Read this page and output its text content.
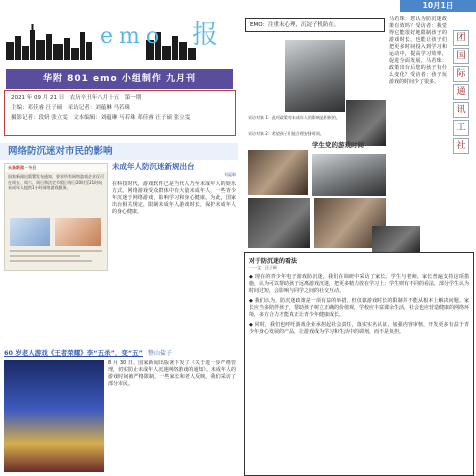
emo 报
华附 801 emo 小组制作 九月刊
2021 年 09 月 21 日　农历辛丑年八月十五　第一期
主编：邓佳睿 汪子硕　采访记者：刘蕴琳 马若珠
摄影记者：段妍 张立雯　文本编辑：刘蕴琳 马若珠 邓佳睿 汪子硕 张立雯
网络防沉迷对市民的影响
头条新闻 · 今日
国家新闻出版署发布通知，要求所有网络游戏企业仅可在周五、周六、周日和法定节假日每日20时至21时向未成年人提供1小时网络游戏服务。
未成年人防沉迷新规出台
刘蕴琳
在科技时代，游戏软件已是当代人乃至未成年人的娱乐方式。网络游戏受众群体中有大量未成年人，一些青少年沉迷于网络游戏，影响学习和身心健康。为此，国家出台相关规定，限制未成年人游戏时长，保护未成年人的身心健康。
60 岁老人游戏《王者荣耀》李“五杀”，变“五” 整山盐子
8 月 30 日，国家新闻出版署下发了《关于进一步严格管理，切实防止未成年人沉迷网络游戏的通知》。未成年人的游戏时间被严格限制，一些家长和老人反映。我们采访了部分市民。
10月1日
EMO：注重未心理，沉淀子机防在。
采访对象 1：此项政策对未成年人的影响是积极的。
采访对象 2：希望孩子们能合理安排时间。
学生党的游戏时间
马若珠：您认为防沉迷政策有效吗？受访者：我觉得它能很好地限制孩子的游戏时长，也能让孩子们把更多时间投入到学习和运动中，提高学习效率，促进全面发展。马若珠：政策出台后您的孩子有什么变化？受访者：孩子玩游戏的时间少了很多。
团
国
际
通
讯
工
社
对于防沉迷的看法
一一文：汪子硕
◆ 现在的青少年电子游戏防沉迷，我们在调研中采访了家长、学生与老师。家长普遍支持这项措施，认为可以帮助孩子远离游戏沉迷，把更多精力放在学习上；学生则有不同的看法，部分学生认为时间过短，会影响与同学之间的社交互动。
◆ 我们认为，防沉迷政策是一项有益的举措，但仅靠游戏时长的限制并不能从根本上解决问题。家长应当多陪伴孩子，帮助孩子树立正确的价值观，学校应丰富课余生活，社会也应营造健康的网络环境，多方合力才能真正让青少年健康成长。
◆ 同时，我们也呼吁游戏企业承担起社会责任，落实实名认证，加强内容审核，开发更多有益于青少年身心发展的产品，让游戏成为学习和生活中的调剂，而不是负担。
